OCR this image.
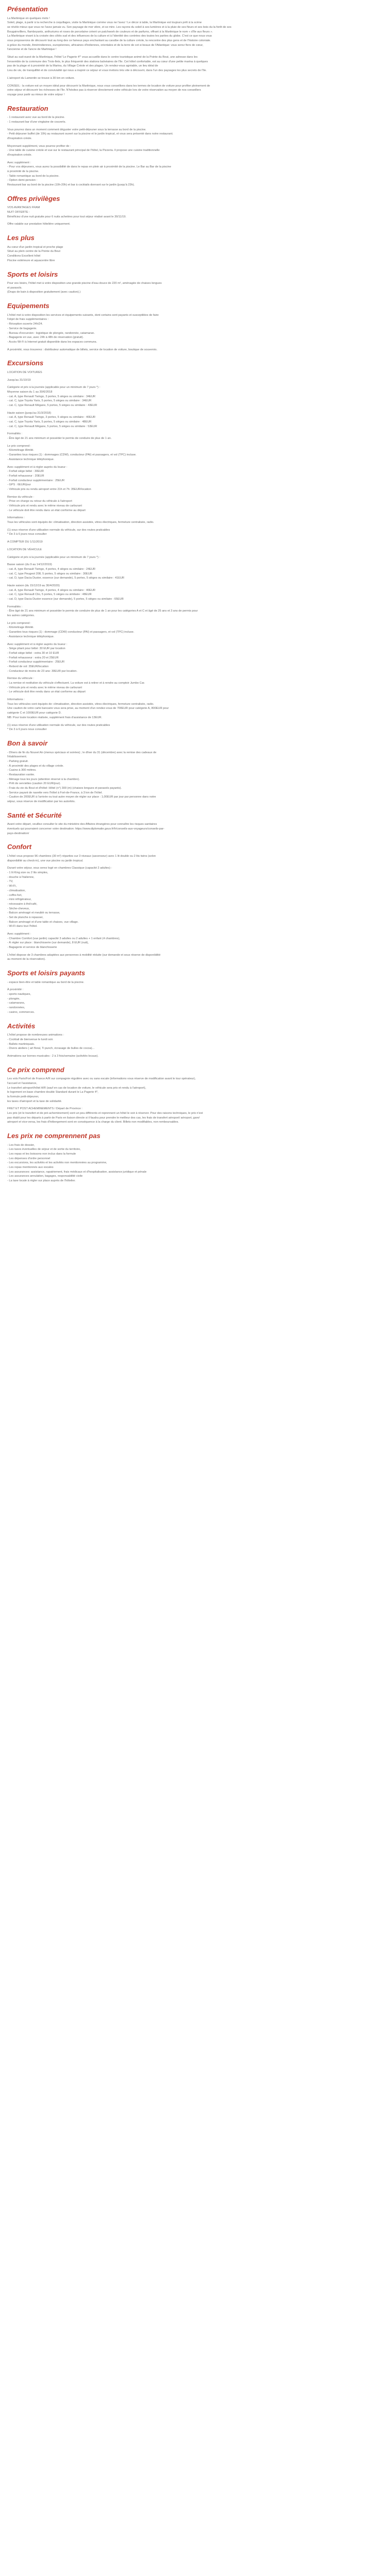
Présentation
La Martinique en quelques mots !
Soleil, plage, à partir à la recherche à coquillages, visite la Martinique comme vous ne l'avez ! Le décor à table, la Martinique est toujours prêt à la scène
se révèle mieux que vous ne l'avez jamais vu. Son paysage de mer vibre, et se mire. Les rayons du soleil à ses lumières et à la pluie de ses fleurs et ses bois du la forêt de ses
Bougainvilliers, flamboyants, anthuriums et roses de porcelaine créent un patchwork de couleurs et de parfums, offrant à la Martinique le nom « d'île aux fleurs ».
La Martinique vivant à la croisée des côtés sud et des influences de la culture et à l'identité des contrées des toutes les parties du globe. C'est ce que nous vous
vous proposerons de découvrir tout au long des ce fameux pays enchantant au caraïbe de la culture créole, la rencontre des plus gens et de l'histoire coloniale.
à grâce du monde, Amérindiennes, européennes, africaines d'Indiennes, orientales et de la terre de cet si beaux de l'Atlantique: vous serez fiers de cœur,
l'ancienne et de l'ancre de Martinique !
Situé au sud-ouest de la Martinique, l'hôtel 'Le Pagerie 4*' vous accueille dans le centre touristique animé de la Pointe du Bout, une adresse dans les
l'ensemble de la commune des Trois-Ilets, le plus fréquenté des stations balnéaires de l'île. Cet hôtel confortable, est au cœur d'une petite marina à quelques
pas de la plage et à proximité de la Marina, du Village Créole et des plages. Un rendez-vous agréable, un lieu idéal de
Lieu de vie, de tranquillité et de convivialité qui nous a inspiré ce séjour et vous invitons très vite à découvrir, dans l'un des paysages les plus secrets de l'île.
L'aéroport du Lamentin se trouve à 30 km en voiture.
CONSEIL : la voiture est un moyen idéal pour découvrir la Martinique, nous vous conseillons dans les termes de location de voiture pour profiter pleinement de
votre séjour et découvrir les richesses de l'île. N'hésitez pas à réserver directement votre véhicule lors de votre réservation au moyen de nos conseillers
voyage pour partir au mieux de votre séjour !
Restauration
- 1 restaurant avec vue au bord de la piscine.
- 1 restaurant bar d'une vingtaine de couverts.
Vous pourrez dans un moment comment déguster votre petit-déjeuner sous la terrasse au bord de la piscine.
- Petit déjeuner buffet (de 10h) au restaurant ouvert sur la piscine et le jardin tropical, et vous sera présenté dans notre restaurant.
d'inspiration créole.
Moyennant supplément, vous pourrez profiter de :
- Une table de cuisine créole et vue sur le restaurant principal de l'hôtel, la Pizzeria. Il propose une cuisine traditionnelle
d'inspiration créole.
Avec supplément :
- Pour vos déjeuners, vous aurez la possibilité de dans le repas en plein air à proximité de la piscine. Le Bar au Bar de la piscine
à proximité de la piscine.
- Table romantique au bord de la piscine.
- Option demi-pension :
Restaurant bar au bord de la piscine (10h-20h) et bar à cocktails donnant sur le jardin (jusqu'à 23h).
Offres privilèges
VOS AVANTAGES FRAM
NUIT OFFERTE :
Bénéficiez d'une nuit gratuite pour 6 nuits achetées pour tout séjour réalisé avant le 30/11/19.
Offre valable sur prestation hôtelière uniquement.
Les plus
Au cœur d'un jardin tropical et proche plage
Situé au plein centre de la Pointe du Bout
Conditions Excellent hôtel
Piscine extérieure et aquacentre libre
Sports et loisirs
Pour vos loisirs, l'hôtel met à votre disposition une grande piscine d'eau douce de 220 m², aménagée de chaises longues
et parasols.
(Draps de bain à disposition gratuitement (avec caution).)
Equipements
L'hôtel met à votre disposition les services et équipements suivants, dont certains sont payants et susceptibles de faire
l'objet de frais supplémentaires :
- Réception ouverte 24h/24.
- Service de bagagerie.
- Bureau d'excursion : logistique de plongée, randonnée, catamaran.
- Bagagerie en vue, avec 24h à 48h de réservation (gratuit).
- Accès Wi-Fi à Internet gratuit disponible dans les espaces communs.
À proximité, vous trouverez : distributeur automatique de billets, service de location de voiture, boutique de souvenirs.
Excursions
LOCATION DE VOITURES
Jusqu'au 31/10/19
Catégorie et prix à la journée (applicable pour un minimum de 7 jours *) :
Moyenne saison du 1 au 30/6/2018
- cat. A, type Renault Twingo, 3 portes, 5 sièges ou similaire : 34EUR
- cat. C, type Toyota Yaris, 5 portes, 5 sièges ou similaire : 34EUR
- cat. C, type Renault Mégane, 5 portes, 5 sièges ou similaire : 43EUR
Haute saison (jusqu'au 31/3/2018)
- cat. A, type Renault Twingo, 3 portes, 5 sièges ou similaire : 40EUR
- cat. C, type Toyota Yaris, 5 portes, 5 sièges ou similaire : 48EUR
- cat. C, type Renault Mégane, 5 portes, 5 sièges ou similaire : 53EUR
Formalités :
- Être âgé de 21 ans minimum et posséder le permis de conduire de plus de 1 an.
Le prix comprend :
- Kilométrage illimité.
- Garanties tous risques (1) : dommages (CDW), conducteur (PAI) et passagers, et vol (TPC) incluse.
- Assistance technique téléphonique.
Avec supplément et à régler auprès du loueur :
- Forfait siège bébé : 30EUR
- Forfait rehausseur : 20EUR
- Forfait conducteur supplémentaire : 25EUR
- GPS : 6EUR/jour
- Véhicule pris ou rendu aéroport entre 21h et 7h: 35EUR/location
Remise du véhicule :
- Prise en charge ou retour du véhicule à l'aéroport
- Véhicule pris et rendu avec le même niveau de carburant
- Le véhicule doit être rendu dans un état conforme au départ
Informations :
Tous les véhicules sont équipés de: climatisation, direction assistée, vitres électriques, fermeture centralisée, radio.
(1) sous réserve d'une utilisation normale du véhicule, sur des routes praticables
* De 3 à 6 jours nous consulter
A COMPTER DU 1/11/2019
LOCATION DE VÉHICULE
Catégorie et prix à la journée (applicable pour un minimum de 7 jours *) :
Basse saison (du 9 au 14/12/2019)
- cat. A, type Renault Twingo, 4 portes, 4 sièges ou similaire : 24EUR
- cat. C, type Peugeot 208, 5 portes, 5 sièges ou similaire : 30EUR
- cat. D, type Dacia Duster, essence (sur demande), 5 portes, 5 sièges ou similaire : 41EUR
Haute saison (du 15/12/19 au 30/4/2020)
- cat. A, type Renault Twingo, 4 portes, 4 sièges ou similaire : 40EUR
- cat. C, type Renault Clio, 5 portes, 5 sièges ou similaire : 48EUR
- cat. D, type Dacia Duster essence (sur demande), 5 portes, 5 sièges ou similaire : 65EUR
Formalités :
- Être âgé de 21 ans minimum et posséder le permis de conduire de plus de 1 an pour les catégories A et C et âgé de 25 ans et 3 ans de permis pour
les autres catégories.
Le prix comprend :
- Kilométrage illimité.
- Garanties tous risques (1) : dommage (CDW) conducteur (PAI) et passagers, et vol (TPC) incluse.
- Assistance technique téléphonique.
Avec supplément et à régler auprès du loueur :
- Siège pliant pour bébé: 30 EUR par location
- Forfait siège bébé : extra 30 et 10 EUR
- Forfait rehausseur : extra 20 et 25EUR
- Forfait conducteur supplémentaire : 25EUR
- Rebord de vol: 35EUR/location
- Conducteur de moins de 23 ans: 30EUR par location.
Remise du véhicule :
- La remise et restitution du véhicule s'effectuent. La voiture est à retirer et à rendre au comptoir Jumbo Car.
- Véhicule pris et rendu avec le même niveau de carburant
- Le véhicule doit être rendu dans un état conforme au départ
Informations :
Tous les véhicules sont équipés de: climatisation, direction assistée, vitres électriques, fermeture centralisée, radio.
Une caution de votre carte bancaire vous sera prise, au moment d'un rendez-vous de 700EUR pour catégorie A, 800EUR pour
catégorie C et 1000EUR pour catégorie D.
NB: Pour toute location réalisée, supplément frais d'assistance de 13EUR.
(1) sous réserve d'une utilisation normale du véhicule, sur des routes praticables
* De 3 à 6 jours nous consulter
Bon à savoir
- Dîners de fin du Nouvel An (menus spéciaux et soirées) ; le dîner du 31 (décembre) avec la remise des cadeaux de
l'établissement.
- Parking gratuit.
- À proximité des plages et du village créole.
- Casino à 300 mètres.
- Restauration variée.
- Ménage tous les jours (attention réservé à la chambre).
- Prêt de serviettes (caution 20 EUR/jour).
- Frais du vie du Bout et d'hôtel: Hôtel (n°) 300 (m) (chaises longues et parasols payants).
- Service payant de navette vers l'hôtel à Fort-de-France, à 3 km de l'hôtel.
- Caution de 200EUR à l'arrivée ou tout autre moyen de régler sur place : 1,00EUR par jour par personne dans notre
séjour, sous réserve de modification par les autorités.
Santé et Sécurité
Avant votre départ, veuillez consulter le site du ministère des Affaires étrangères pour connaître les risques sanitaires
éventuels qui pourraient concerner votre destination: https://www.diplomatie.gouv.fr/fr/conseils-aux-voyageurs/conseils-par-
pays-destination/
Confort
L'hôtel vous propose 96 chambres (30 m²) réparties sur 3 niveaux (ascenseur) avec 1 lit double ou 2 lits twins (selon
disponibilité au check-in), une vue piscine ou jardin tropical.
Durant votre séjour, vous serez logé en chambres Classique (capacité 2 adultes) :
- 1 lit King size ou 2 lits simples,
- douche à l'italienne,
- TV,
- Wi-Fi,
- climatisation,
- coffre-fort,
- mini réfrigérateur,
- nécessaire à thé/café,
- Sèche-cheveux,
- Balcon aménagé et meublé ou terrasse,
- Set de planche à repasser,
- Balcon aménagé et d'une table et chaises, vue village.
- Wi-Fi dans tout l'hôtel.
Avec supplément :
- Chambre Comfort (vue jardin) capacité 3 adultes ou 2 adultes + 1 enfant (4 chambres),
- À régler sur place : blanchisserie (sur demande), 8 EUR (nuit),
- Bagagerie et service de blanchisserie
L'hôtel dispose de 3 chambres adaptées aux personnes à mobilité réduite (sur demande et sous réserve de disponibilité
au moment de la réservation).
Sports et loisirs payants
- espace bien-être et table romantique au bord de la piscine.
À proximité :
- sports nautiques,
- plongée,
- catamarans,
- randonnées,
- casino, commerces.
Activités
L'hôtel propose de nombreuses animations :
- Cocktail de bienvenue le lundi soir.
- Ballets martiniquais.
- Divers ateliers ( art floral, Ti punch, écrasage de bulles de cocoa)...
Animations sur bornes musicales : 2 à 3 fois/semaine (activités locaux).
Ce prix comprend
Les vols Paris/Fort de France A/R sur compagnie régulière avec ou sans escale (informations vous réserve de modification avant le tour opérateur),
l'accueil et l'assistance,
Le transfert aéroport/hôtel A/R (sauf en cas de location de voiture, le véhicule sera pris et rendu à l'aéroport),
le logement en base chambre double Standard durant le La Pagerie 4*,
la formule petit-déjeuner,
les taxes d'aéroport et la taxe de solidarité.
FRET ET POST ACHEMINEMENTS / Départ de Province :
Les prix (et le transfert et de pré-acheminement) sont un peu différents et reprennent un hôtel le soir à réserver. Pour des raisons techniques, le prix n'est
pas établi pour les départs à partir de Paris en liaison directe si il faudra pour prendre le meilleur des cas, les frais de transfert aéroport/ aéroport, gare/
aéroport et vice-versa, les frais d'hébergement sont en conséquence à la charge du client. Billets non modifiables, non remboursables.
Les prix ne comprennent pas
- Les frais de dossier,
- Les taxes éventuelles de séjour et de sortie du territoire,
- Les repas et les boissons non inclus dans la formule
- Les dépenses d'ordre personnel
- Les excursions, les activités et les activités non mentionnées au programme,
- Les repas mentionnés aux escales
- Les assurances: assistance, rapatriement, frais médicaux et d'hospitalisation, assistance juridique et pénale
- Les assurances annulation, bagages, responsabilité civile
- La taxe locale à régler sur place auprès de l'hôtelier.
